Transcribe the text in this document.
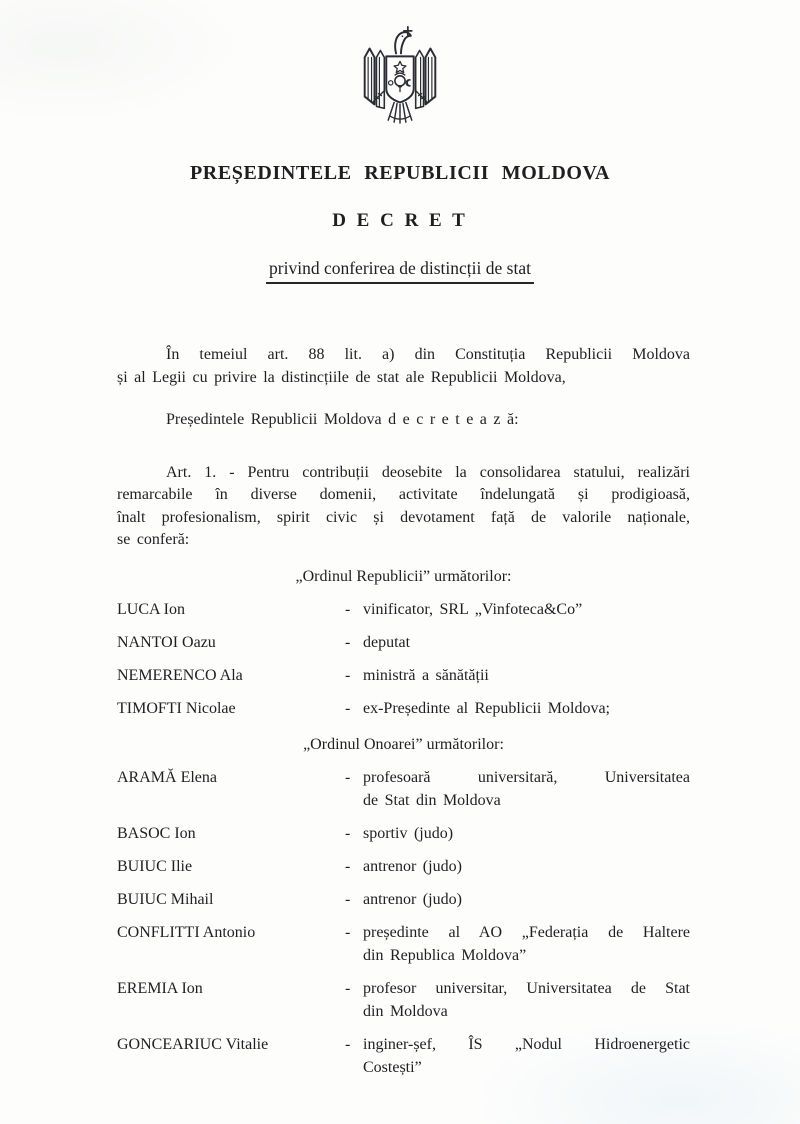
PREȘEDINTELE REPUBLICII MOLDOVA
D E C R E T
privind conferirea de distincții de stat
În temeiul art. 88 lit. a) din Constituția Republicii Moldova
și al Legii cu privire la distincțiile de stat ale Republicii Moldova,
Președintele Republicii Moldova d e c r e t e a z ă:
Art. 1. - Pentru contribuții deosebite la consolidarea statului, realizări
remarcabile în diverse domenii, activitate îndelungată și prodigioasă,
înalt profesionalism, spirit civic și devotament față de valorile naționale,
se conferă:
„Ordinul Republicii” următorilor:
LUCA Ion	- vinificator, SRL „Vinfoteca&Co”
NANTOI Oazu	- deputat
NEMERENCO Ala	- ministră a sănătății
TIMOFTI Nicolae	- ex-Președinte al Republicii Moldova;
„Ordinul Onoarei” următorilor:
ARAMĂ Elena	- profesoară universitară, Universitatea
de Stat din Moldova
BASOC Ion	- sportiv (judo)
BUIUC Ilie	- antrenor (judo)
BUIUC Mihail	- antrenor (judo)
CONFLITTI Antonio	- președinte al AO „Federația de Haltere
din Republica Moldova”
EREMIA Ion	- profesor universitar, Universitatea de Stat
din Moldova
GONCEARIUC Vitalie	- inginer-șef, ÎS „Nodul Hidroenergetic
Costești”
